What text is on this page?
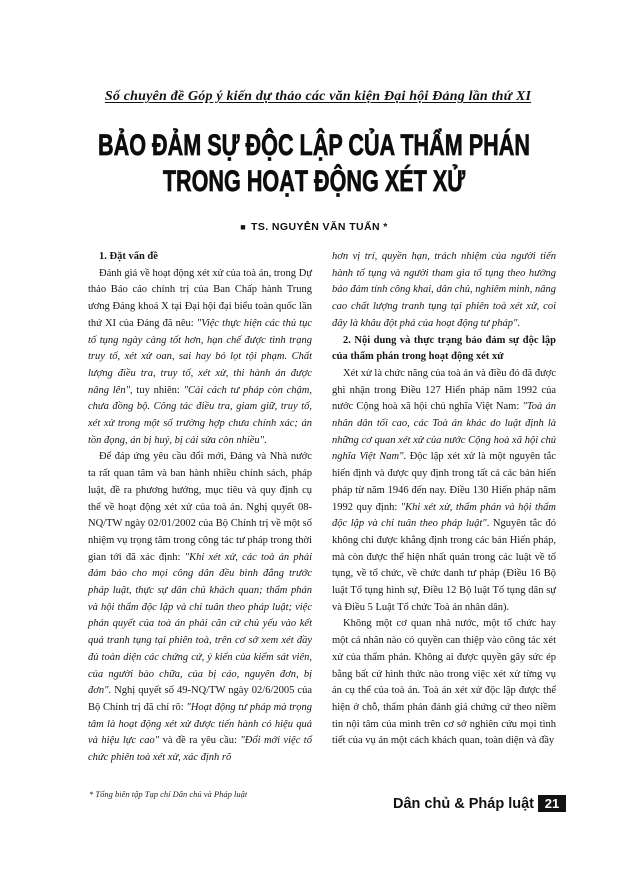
Số chuyên đề Góp ý kiến dự thảo các văn kiện Đại hội Đảng lần thứ XI
BẢO ĐẢM SỰ ĐỘC LẬP CỦA THẨM PHÁN
TRONG HOẠT ĐỘNG XÉT XỬ
■ TS. NGUYỄN VĂN TUẤN *
1. Đặt vấn đề

Đánh giá về hoạt động xét xử của toà án, trong Dự thảo Báo cáo chính trị của Ban Chấp hành Trung ương Đảng khoá X tại Đại hội đại biểu toàn quốc lần thứ XI của Đảng đã nêu: "Việc thực hiện các thủ tục tố tụng ngày càng tốt hơn, hạn chế được tình trạng truy tố, xét xử oan, sai hay bỏ lọt tội phạm. Chất lượng điều tra, truy tố, xét xử, thi hành án được nâng lên", tuy nhiên: "Cải cách tư pháp còn chậm, chưa đồng bộ. Công tác điều tra, giam giữ, truy tố, xét xử trong một số trường hợp chưa chính xác; án tồn đọng, án bị huỷ, bị cải sửa còn nhiều".

Để đáp ứng yêu cầu đổi mới, Đảng và Nhà nước ta rất quan tâm và ban hành nhiều chính sách, pháp luật, đề ra phương hướng, mục tiêu và quy định cụ thể về hoạt động xét xử của toà án. Nghị quyết 08-NQ/TW ngày 02/01/2002 của Bộ Chính trị về một số nhiệm vụ trọng tâm trong công tác tư pháp trong thời gian tới đã xác định: "Khi xét xử, các toà án phải đảm bảo cho mọi công dân đều bình đẳng trước pháp luật, thực sự dân chủ khách quan; thẩm phán và hội thẩm độc lập và chỉ tuân theo pháp luật; việc phán quyết của toà án phải căn cứ chủ yếu vào kết quả tranh tụng tại phiên toà, trên cơ sở xem xét đầy đủ toàn diện các chứng cứ, ý kiến của kiểm sát viên, của người bào chữa, của bị cáo, nguyên đơn, bị đơn". Nghị quyết số 49-NQ/TW ngày 02/6/2005 của Bộ Chính trị đã chỉ rõ: "Hoạt động tư pháp mà trọng tâm là hoạt động xét xử được tiến hành có hiệu quả và hiệu lực cao" và đề ra yêu cầu: "Đổi mới việc tổ chức phiên toà xét xử, xác định rõ

hơn vị trí, quyền hạn, trách nhiệm của người tiến hành tố tụng và người tham gia tố tụng theo hướng bảo đảm tính công khai, dân chủ, nghiêm minh, nâng cao chất lượng tranh tụng tại phiên toà xét xử, coi đây là khâu đột phá của hoạt động tư pháp".

2. Nội dung và thực trạng bảo đảm sự độc lập của thẩm phán trong hoạt động xét xử

Xét xử là chức năng của toà án và điều đó đã được ghi nhận trong Điều 127 Hiến pháp năm 1992 của nước Cộng hoà xã hội chủ nghĩa Việt Nam: "Toà án nhân dân tối cao, các Toà án khác do luật định là những cơ quan xét xử của nước Cộng hoà xã hội chủ nghĩa Việt Nam". Độc lập xét xử là một nguyên tắc hiến định và được quy định trong tất cả các bản hiến pháp từ năm 1946 đến nay. Điều 130 Hiến pháp năm 1992 quy định: "Khi xét xử, thẩm phán và hội thẩm độc lập và chỉ tuân theo pháp luật". Nguyên tắc đó không chỉ được khẳng định trong các bản Hiến pháp, mà còn được thể hiện nhất quán trong các luật về tố tụng, về tổ chức, về chức danh tư pháp (Điều 16 Bộ luật Tố tụng hình sự, Điều 12 Bộ luật Tố tụng dân sự và Điều 5 Luật Tổ chức Toà án nhân dân).

Không một cơ quan nhà nước, một tổ chức hay một cá nhân nào có quyền can thiệp vào công tác xét xử của thẩm phán. Không ai được quyền gây sức ép bằng bất cứ hình thức nào trong việc xét xử từng vụ án cụ thể của toà án. Toà án xét xử độc lập được thể hiện ở chỗ, thẩm phán đánh giá chứng cứ theo niềm tin nội tâm của mình trên cơ sở nghiên cứu mọi tình tiết của vụ án một cách khách quan, toàn diện và đầy

* Tổng biên tập Tạp chí Dân chủ và Pháp luật
Dân chủ & Pháp luật 21
